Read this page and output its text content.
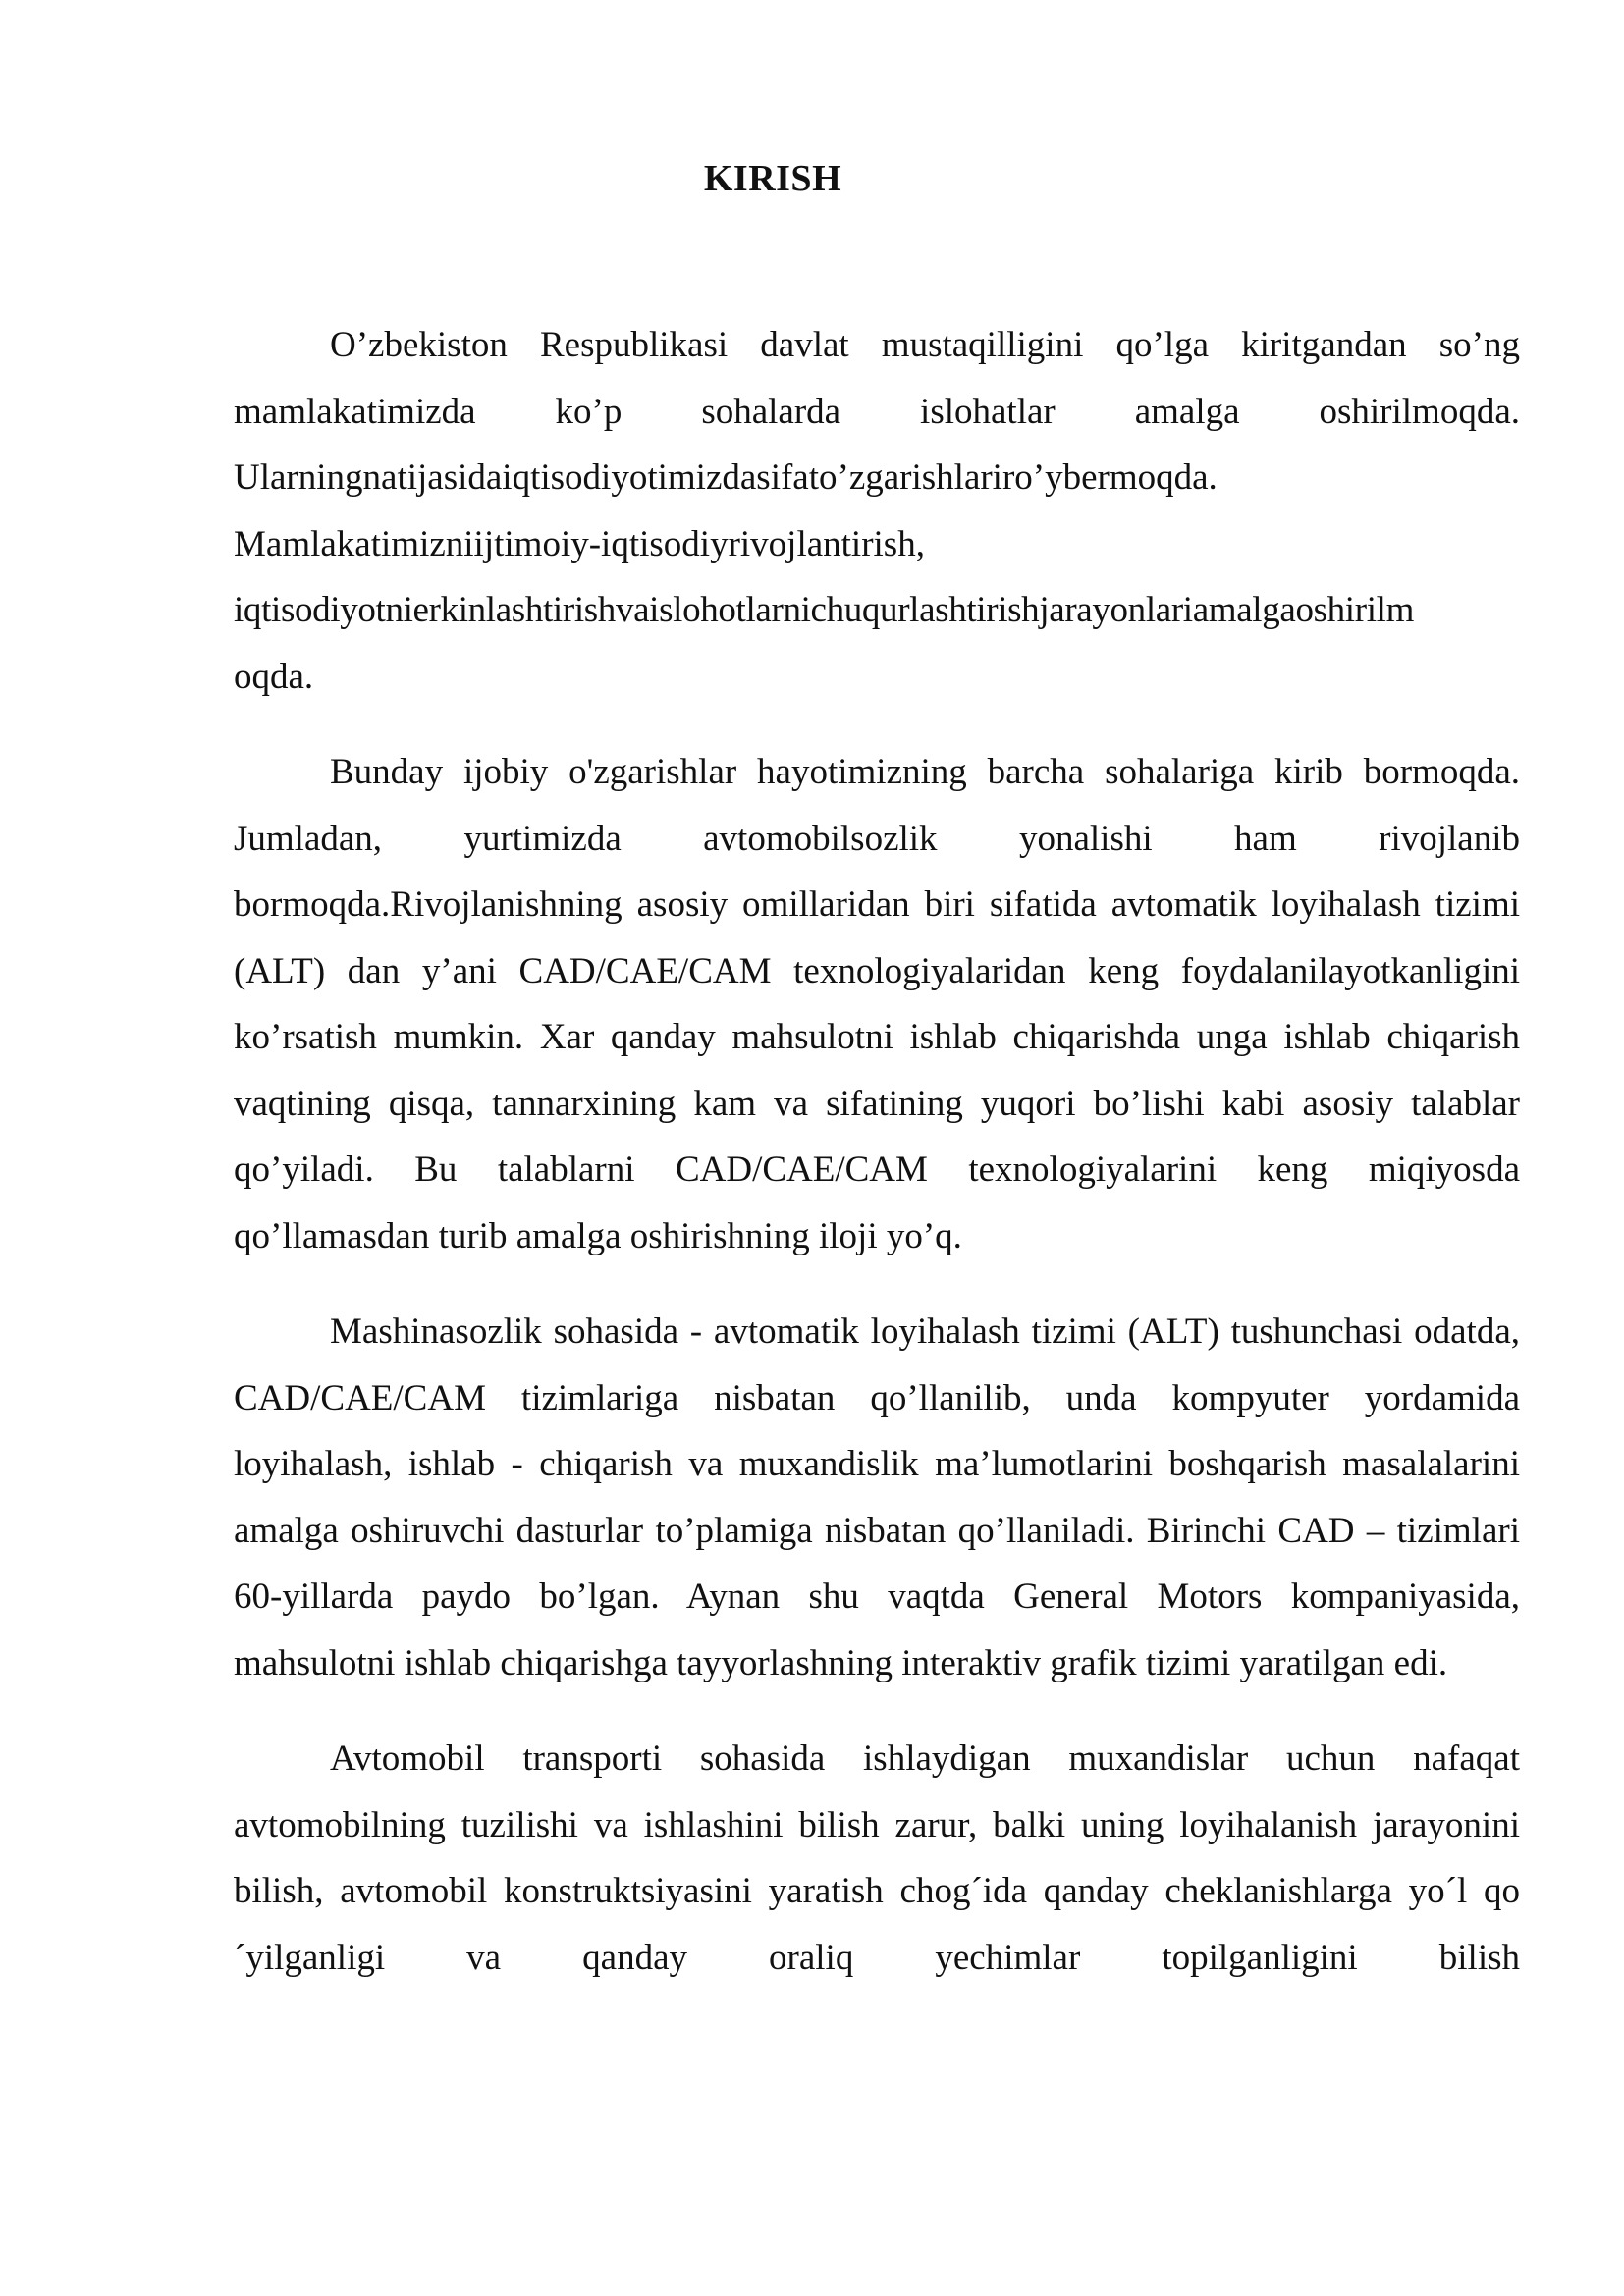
KIRISH

O’zbekiston Respublikasi davlat mustaqilligini qo’lga kiritgandan so’ng
mamlakatimizda ko’p sohalarda islohatlar amalga oshirilmoqda.
Ularningnatijasidaiqtisodiyotimizdasifato’zgarishlariro’ybermoqda.
Mamlakatimizniijtimoiy-iqtisodiyrivojlantirish,
iqtisodiyotnierkinlashtirishvaislohotlarnichuqurlashtirishjarayonlariamalgaoshirilm
oqda.

Bunday ijobiy o'zgarishlar hayotimizning barcha sohalariga kirib bormoqda. Jumladan, yurtimizda avtomobilsozlik yonalishi ham rivojlanib bormoqda.Rivojlanishning asosiy omillaridan biri sifatida avtomatik loyihalash tizimi (ALT) dan y’ani CAD/CAE/CAM texnologiyalaridan keng foydalanilayotkanligini ko’rsatish mumkin. Xar qanday mahsulotni ishlab chiqarishda unga ishlab chiqarish vaqtining qisqa, tannarxining kam va sifatining yuqori bo’lishi kabi asosiy talablar qo’yiladi. Bu talablarni CAD/CAE/CAM texnologiyalarini keng miqiyosda qo’llamasdan turib amalga oshirishning iloji yo’q.

Mashinasozlik sohasida - avtomatik loyihalash tizimi (ALT) tushunchasi odatda, CAD/CAE/CAM tizimlariga nisbatan qo’llanilib, unda kompyuter yordamida loyihalash, ishlab - chiqarish va muxandislik ma’lumotlarini boshqarish masalalarini amalga oshiruvchi dasturlar to’plamiga nisbatan qo’llaniladi. Birinchi CAD – tizimlari 60-yillarda paydo bo’lgan. Aynan shu vaqtda General Motors kompaniyasida, mahsulotni ishlab chiqarishga tayyorlashning interaktiv grafik tizimi yaratilgan edi.

Avtomobil transporti sohasida ishlaydigan muxandislar uchun nafaqat avtomobilning tuzilishi va ishlashini bilish zarur, balki uning loyihalanish jarayonini bilish, avtomobil konstruktsiyasini yaratish chog´ida qanday cheklanishlarga yo´l qo´yilganligi va qanday oraliq yechimlar topilganligini bilish
